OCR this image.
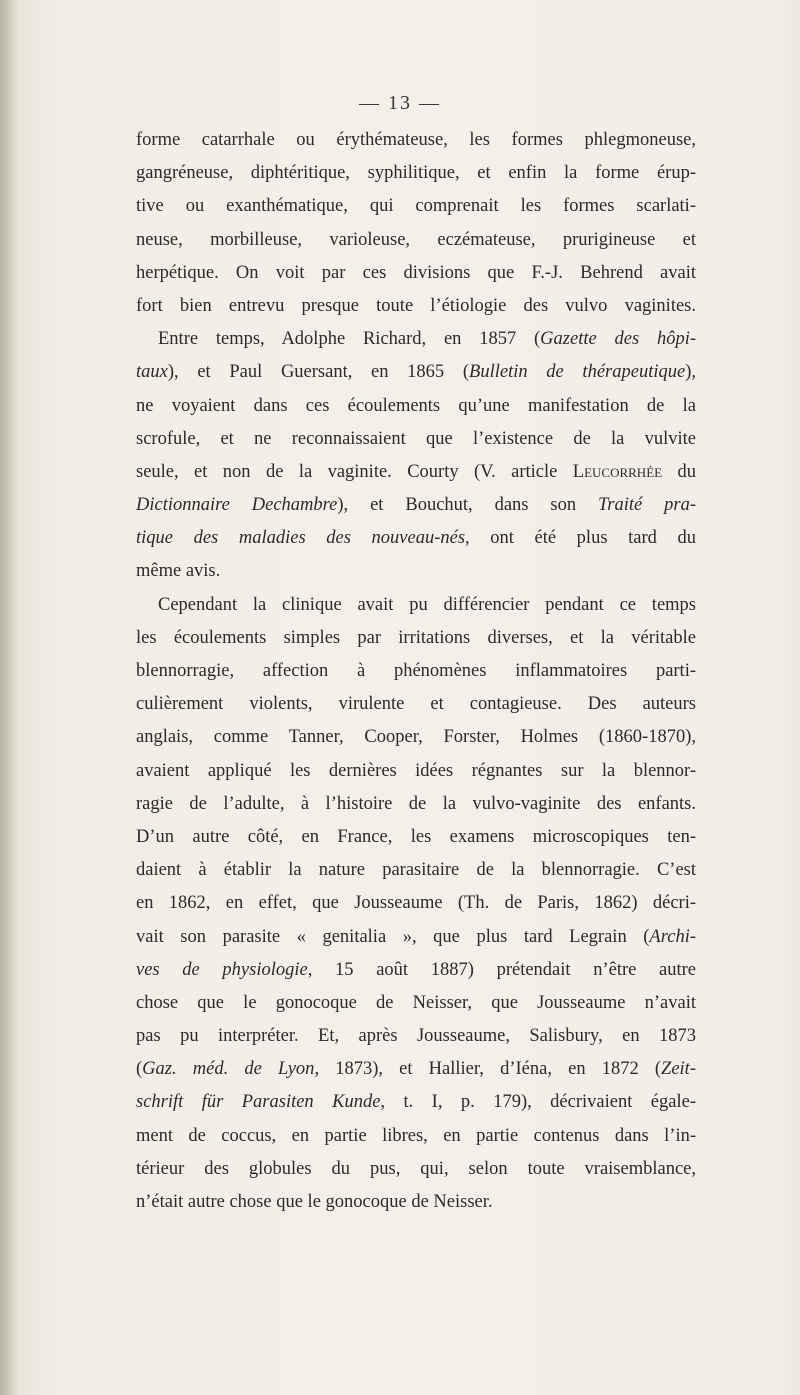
— 13 —
forme catarrhale ou érythémateuse, les formes phlegmoneuse,
gangréneuse, diphtéritique, syphilitique, et enfin la forme érup-
tive ou exanthématique, qui comprenait les formes scarlati-
neuse, morbilleuse, varioleuse, eczémateuse, prurigineuse et
herpétique. On voit par ces divisions que F.-J. Behrend avait
fort bien entrevu presque toute l’étiologie des vulvo vaginites.
Entre temps, Adolphe Richard, en 1857 (Gazette des hôpi-
taux), et Paul Guersant, en 1865 (Bulletin de thérapeutique),
ne voyaient dans ces écoulements qu’une manifestation de la
scrofule, et ne reconnaissaient que l’existence de la vulvite
seule, et non de la vaginite. Courty (V. article Leucorrhée du
Dictionnaire Dechambre), et Bouchut, dans son Traité pra-
tique des maladies des nouveau-nés, ont été plus tard du
même avis.
Cependant la clinique avait pu différencier pendant ce temps
les écoulements simples par irritations diverses, et la véritable
blennorragie, affection à phénomènes inflammatoires parti-
culièrement violents, virulente et contagieuse. Des auteurs
anglais, comme Tanner, Cooper, Forster, Holmes (1860-1870),
avaient appliqué les dernières idées régnantes sur la blennor-
ragie de l’adulte, à l’histoire de la vulvo-vaginite des enfants.
D’un autre côté, en France, les examens microscopiques ten-
daient à établir la nature parasitaire de la blennorragie. C’est
en 1862, en effet, que Jousseaume (Th. de Paris, 1862) décri-
vait son parasite « genitalia », que plus tard Legrain (Archi-
ves de physiologie, 15 août 1887) prétendait n’être autre
chose que le gonocoque de Neisser, que Jousseaume n’avait
pas pu interpréter. Et, après Jousseaume, Salisbury, en 1873
(Gaz. méd. de Lyon, 1873), et Hallier, d’Iéna, en 1872 (Zeit-
schrift für Parasiten Kunde, t. I, p. 179), décrivaient égale-
ment de coccus, en partie libres, en partie contenus dans l’in-
térieur des globules du pus, qui, selon toute vraisemblance,
n’était autre chose que le gonocoque de Neisser.
